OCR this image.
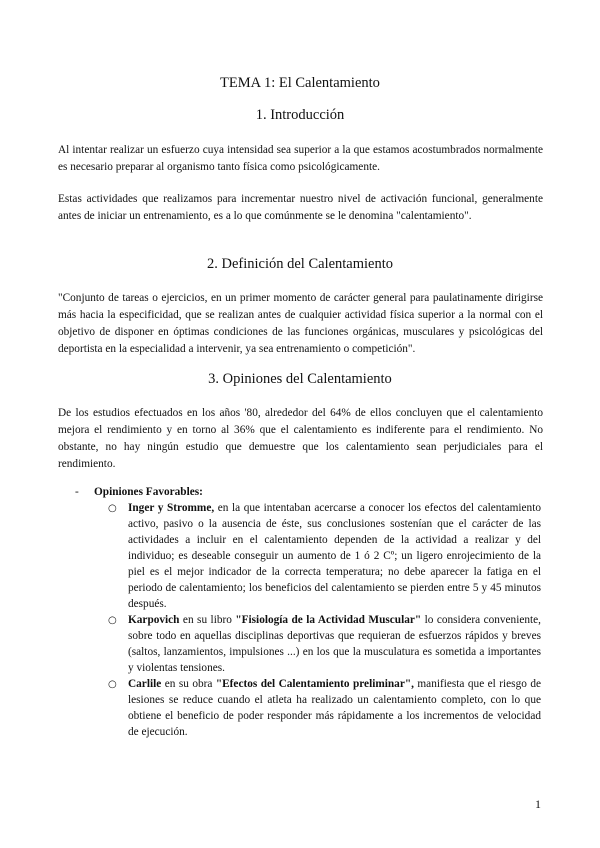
TEMA 1: El Calentamiento
1. Introducción
Al intentar realizar un esfuerzo cuya intensidad sea superior a la que estamos acostumbrados normalmente es necesario preparar al organismo tanto física como psicológicamente.
Estas actividades que realizamos para incrementar nuestro nivel de activación funcional, generalmente antes de iniciar un entrenamiento, es a lo que comúnmente se le denomina "calentamiento".
2. Definición del Calentamiento
"Conjunto de tareas o ejercicios, en un primer momento de carácter general para paulatinamente dirigirse más hacia la especificidad, que se realizan antes de cualquier actividad física superior a la normal con el objetivo de disponer en óptimas condiciones de las funciones orgánicas, musculares y psicológicas del deportista en la especialidad a intervenir, ya sea entrenamiento o competición".
3. Opiniones del Calentamiento
De los estudios efectuados en los años '80, alrededor del 64% de ellos concluyen que el calentamiento mejora el rendimiento y en torno al 36% que el calentamiento es indiferente para el rendimiento. No obstante, no hay ningún estudio que demuestre que los calentamiento sean perjudiciales para el rendimiento.
- Opiniones Favorables:
○ Inger y Stromme, en la que intentaban acercarse a conocer los efectos del calentamiento activo, pasivo o la ausencia de éste, sus conclusiones sostenían que el carácter de las actividades a incluir en el calentamiento dependen de la actividad a realizar y del individuo; es deseable conseguir un aumento de 1 ó 2 Cº; un ligero enrojecimiento de la piel es el mejor indicador de la correcta temperatura; no debe aparecer la fatiga en el periodo de calentamiento; los beneficios del calentamiento se pierden entre 5 y 45 minutos después.
○ Karpovich en su libro "Fisiología de la Actividad Muscular" lo considera conveniente, sobre todo en aquellas disciplinas deportivas que requieran de esfuerzos rápidos y breves (saltos, lanzamientos, impulsiones ...) en los que la musculatura es sometida a importantes y violentas tensiones.
○ Carlile en su obra "Efectos del Calentamiento preliminar", manifiesta que el riesgo de lesiones se reduce cuando el atleta ha realizado un calentamiento completo, con lo que obtiene el beneficio de poder responder más rápidamente a los incrementos de velocidad de ejecución.
1
